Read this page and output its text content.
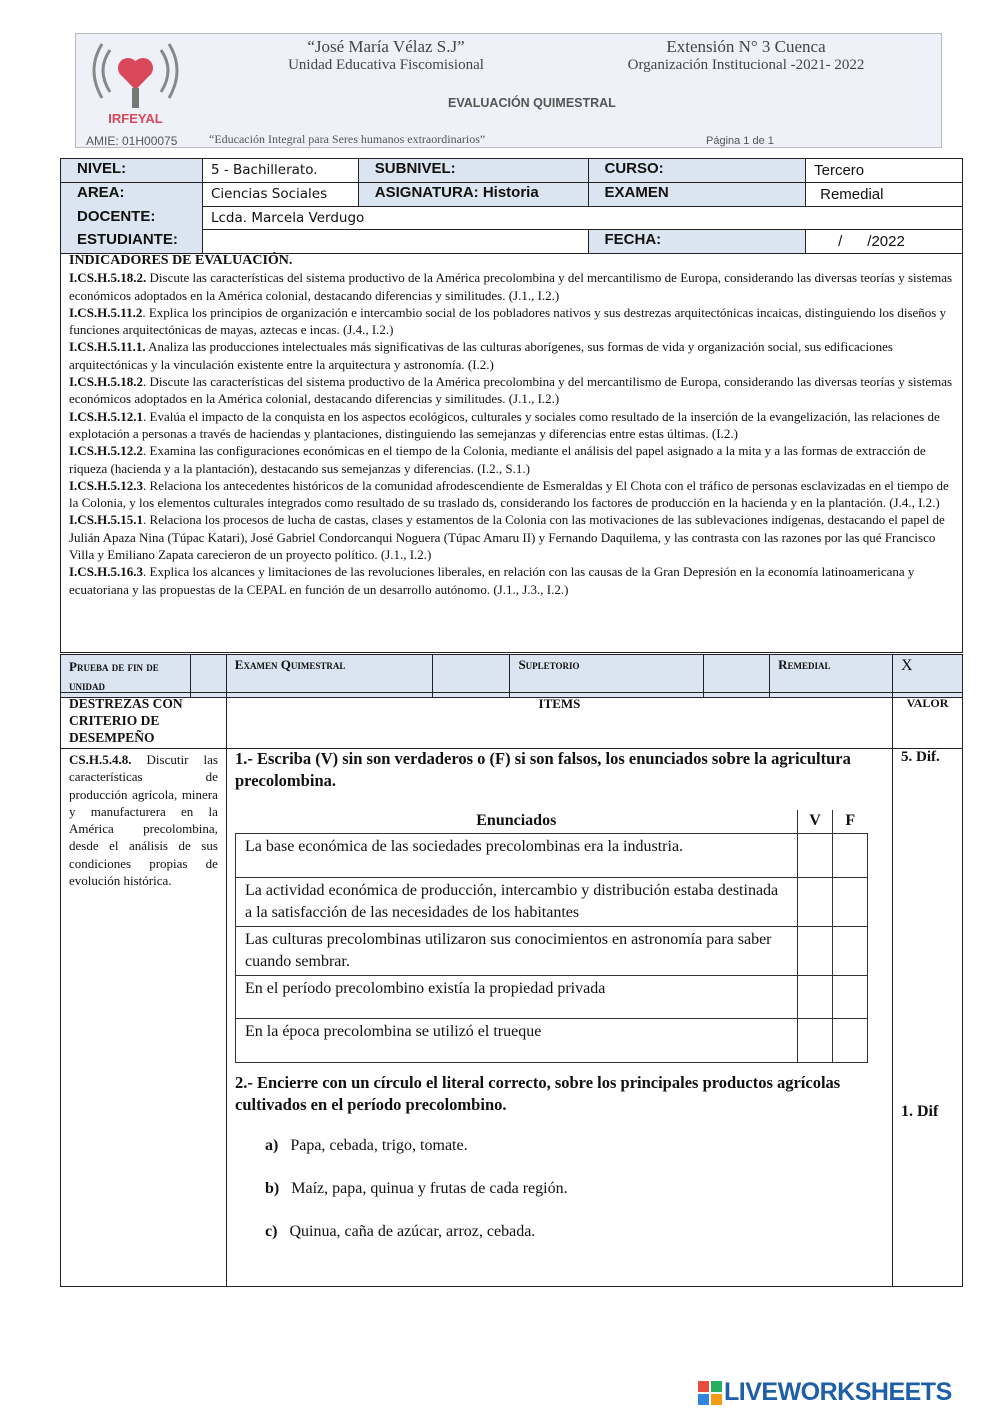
IRFEYAL
“José María Vélaz S.J”
Unidad Educativa Fiscomisional
Extensión N° 3 Cuenca
Organización Institucional -2021- 2022
EVALUACIÓN QUIMESTRAL
AMIE: 01H00075	“Educación Integral para Seres humanos extraordinarios”	Página 1 de 1
NIVEL:	5 - Bachillerato.	SUBNIVEL:	CURSO:	Tercero
AREA:	Ciencias Sociales	ASIGNATURA: Historia	EXAMEN	Remedial
DOCENTE:	Lcda. Marcela Verdugo			
ESTUDIANTE:			FECHA:	/      /2022
INDICADORES DE EVALUACIÓN.
I.CS.H.5.18.2. Discute las características del sistema productivo de la América precolombina y del mercantilismo de Europa, considerando las diversas teorías y sistemas económicos adoptados en la América colonial, destacando diferencias y similitudes. (J.1., I.2.)
I.CS.H.5.11.2. Explica los principios de organización e intercambio social de los pobladores nativos y sus destrezas arquitectónicas incaicas, distinguiendo los diseños y funciones arquitectónicas de mayas, aztecas e incas. (J.4., I.2.)
I.CS.H.5.11.1. Analiza las producciones intelectuales más significativas de las culturas aborígenes, sus formas de vida y organización social, sus edificaciones arquitectónicas y la vinculación existente entre la arquitectura y astronomía. (I.2.)
I.CS.H.5.18.2. Discute las características del sistema productivo de la América precolombina y del mercantilismo de Europa, considerando las diversas teorías y sistemas económicos adoptados en la América colonial, destacando diferencias y similitudes. (J.1., I.2.)
I.CS.H.5.12.1. Evalúa el impacto de la conquista en los aspectos ecológicos, culturales y sociales como resultado de la inserción de la evangelización, las relaciones de explotación a personas a través de haciendas y plantaciones, distinguiendo las semejanzas y diferencias entre estas últimas. (I.2.)
I.CS.H.5.12.2. Examina las configuraciones económicas en el tiempo de la Colonia, mediante el análisis del papel asignado a la mita y a las formas de extracción de riqueza (hacienda y a la plantación), destacando sus semejanzas y diferencias. (I.2., S.1.)
I.CS.H.5.12.3. Relaciona los antecedentes históricos de la comunidad afrodescendiente de Esmeraldas y El Chota con el tráfico de personas esclavizadas en el tiempo de la Colonia, y los elementos culturales integrados como resultado de su traslado ds, considerando los factores de producción en la hacienda y en la plantación. (J.4., I.2.)
I.CS.H.5.15.1. Relaciona los procesos de lucha de castas, clases y estamentos de la Colonia con las motivaciones de las sublevaciones indígenas, destacando el papel de Julián Apaza Nina (Túpac Katari), José Gabriel Condorcanqui Noguera (Túpac Amaru II) y Fernando Daquilema, y las contrasta con las razones por las qué Francisco Villa y Emiliano Zapata carecieron de un proyecto político. (J.1., I.2.)
I.CS.H.5.16.3. Explica los alcances y limitaciones de las revoluciones liberales, en relación con las causas de la Gran Depresión en la economía latinoamericana y ecuatoriana y las propuestas de la CEPAL en función de un desarrollo autónomo. (J.1., J.3., I.2.)
Prueba de fin de unidad		Examen Quimestral		Supletorio		Remedial	X
DESTREZAS CON CRITERIO DE DESEMPEÑO	ITEMS	VALOR
CS.H.5.4.8. Discutir las características de producción agrícola, minera y manufacturera en la América precolombina, desde el análisis de sus condiciones propias de evolución histórica.		
1.- Escriba (V) sin son verdaderos o (F) si son falsos, los enunciados sobre la agricultura precolombina.
5. Dif.
Enunciados	V	F
La base económica de las sociedades precolombinas era la industria.		
La actividad económica de producción, intercambio y distribución estaba destinada a la satisfacción de las necesidades de los habitantes		
Las culturas precolombinas utilizaron sus conocimientos en astronomía para saber cuando sembrar.		
En el período precolombino existía la propiedad privada		
En la época precolombina se utilizó el trueque		
2.- Encierre con un círculo el literal correcto, sobre los principales productos agrícolas cultivados en el período precolombino.	1. Dif
a) Papa, cebada, trigo, tomate.
b) Maíz, papa, quinua y frutas de cada región.
c) Quinua, caña de azúcar, arroz, cebada.
LIVEWORKSHEETS
